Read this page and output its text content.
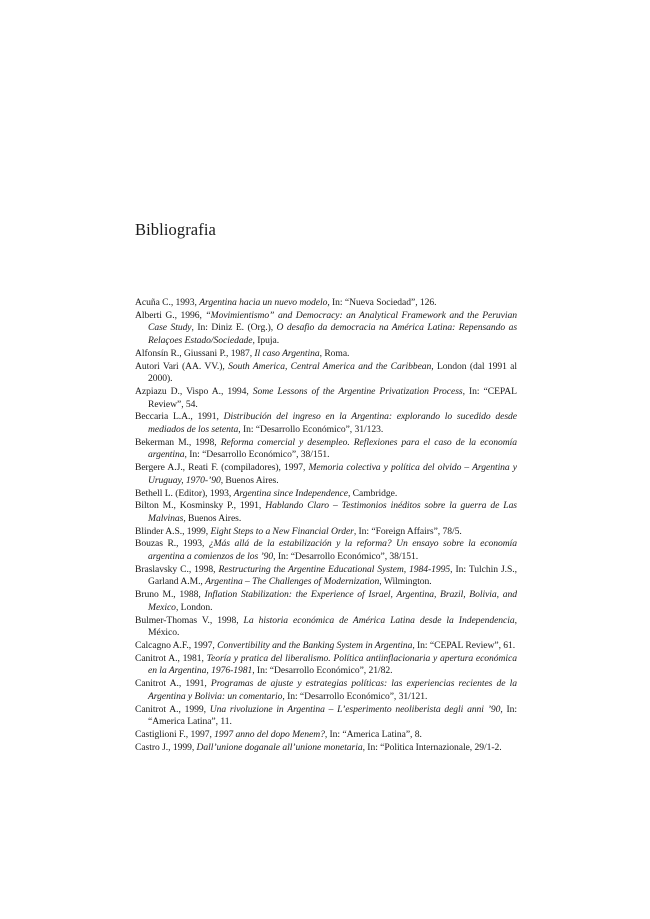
Bibliografia
Acuña C., 1993, Argentina hacia un nuevo modelo, In: “Nueva Sociedad”, 126.
Alberti G., 1996, “Movimientismo” and Democracy: an Analytical Framework and the Peruvian Case Study, In: Diniz E. (Org.), O desafio da democracia na América Latina: Repensando as Relaçoes Estado/Sociedade, Ipuja.
Alfonsín R., Giussani P., 1987, Il caso Argentina, Roma.
Autori Vari (AA. VV.), South America, Central America and the Caribbean, London (dal 1991 al 2000).
Azpiazu D., Vispo A., 1994, Some Lessons of the Argentine Privatization Process, In: “CEPAL Review”, 54.
Beccaria L.A., 1991, Distribución del ingreso en la Argentina: explorando lo sucedido desde mediados de los setenta, In: “Desarrollo Económico”, 31/123.
Bekerman M., 1998, Reforma comercial y desempleo. Reflexiones para el caso de la economía argentina, In: “Desarrollo Económico”, 38/151.
Bergere A.J., Reati F. (compiladores), 1997, Memoria colectiva y política del olvido – Argentina y Uruguay, 1970-’90, Buenos Aires.
Bethell L. (Editor), 1993, Argentina since Independence, Cambridge.
Bilton M., Kosminsky P., 1991, Hablando Claro – Testimonios inéditos sobre la guerra de Las Malvinas, Buenos Aires.
Blinder A.S., 1999, Eight Steps to a New Financial Order, In: “Foreign Affairs”, 78/5.
Bouzas R., 1993, ¿Más allá de la estabilización y la reforma? Un ensayo sobre la economía argentina a comienzos de los ’90, In: “Desarrollo Económico”, 38/151.
Braslavsky C., 1998, Restructuring the Argentine Educational System, 1984-1995, In: Tulchin J.S., Garland A.M., Argentina – The Challenges of Modernization, Wilmington.
Bruno M., 1988, Inflation Stabilization: the Experience of Israel, Argentina, Brazil, Bolivia, and Mexico, London.
Bulmer-Thomas V., 1998, La historia económica de América Latina desde la Independencia, México.
Calcagno A.F., 1997, Convertibility and the Banking System in Argentina, In: “CEPAL Review”, 61.
Canitrot A., 1981, Teoría y pratica del liberalismo. Política antiinflacionaria y apertura económica en la Argentina, 1976-1981, In: “Desarrollo Económico”, 21/82.
Canitrot A., 1991, Programas de ajuste y estrategias políticas: las experiencias recientes de la Argentina y Bolivia: un comentario, In: “Desarrollo Económico”, 31/121.
Canitrot A., 1999, Una rivoluzione in Argentina – L’esperimento neoliberista degli anni ’90, In: “America Latina”, 11.
Castiglioni F., 1997, 1997 anno del dopo Menem?, In: “America Latina”, 8.
Castro J., 1999, Dall’unione doganale all’unione monetaria, In: “Politica Internazionale, 29/1-2.
